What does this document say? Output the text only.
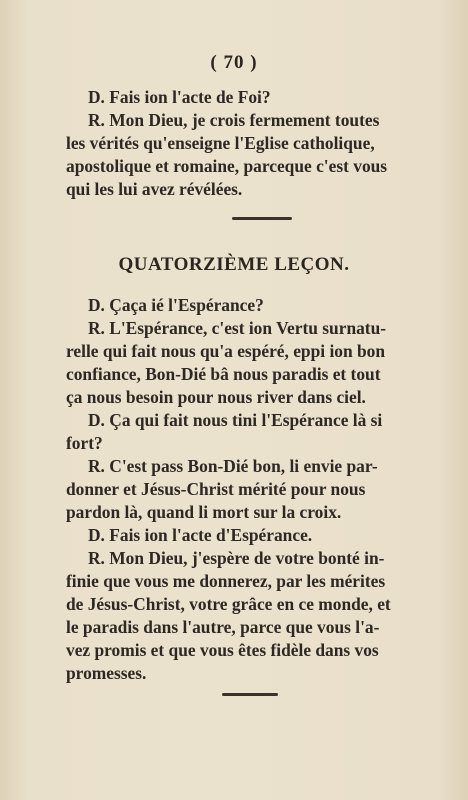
( 70 )

D. Fais ion l'acte de Foi?

R. Mon Dieu, je crois fermement toutes

les vérités qu'enseigne l'Eglise catholique,
apostolique et romaine, parceque c'est vous
qui les lui avez révélées.

QUATORZIÈME LEÇON.

D. Çaça ié l'Espérance?

R. L'Espérance, c'est ion Vertu surnatu-

relle qui fait nous qu'a espéré, eppi ion bon
confiance, Bon-Dié bâ nous paradis et tout
ça nous besoin pour nous river dans ciel.

D. Ça qui fait nous tini l'Espérance là si

fort?

R. C'est pass Bon-Dié bon, li envie par-

donner et Jésus-Christ mérité pour nous
pardon là, quand li mort sur la croix.

D. Fais ion l'acte d'Espérance.

R. Mon Dieu, j'espère de votre bonté in-

finie que vous me donnerez, par les mérites
de Jésus-Christ, votre grâce en ce monde, et
le paradis dans l'autre, parce que vous l'a-
vez promis et que vous êtes fidèle dans vos
promesses.
